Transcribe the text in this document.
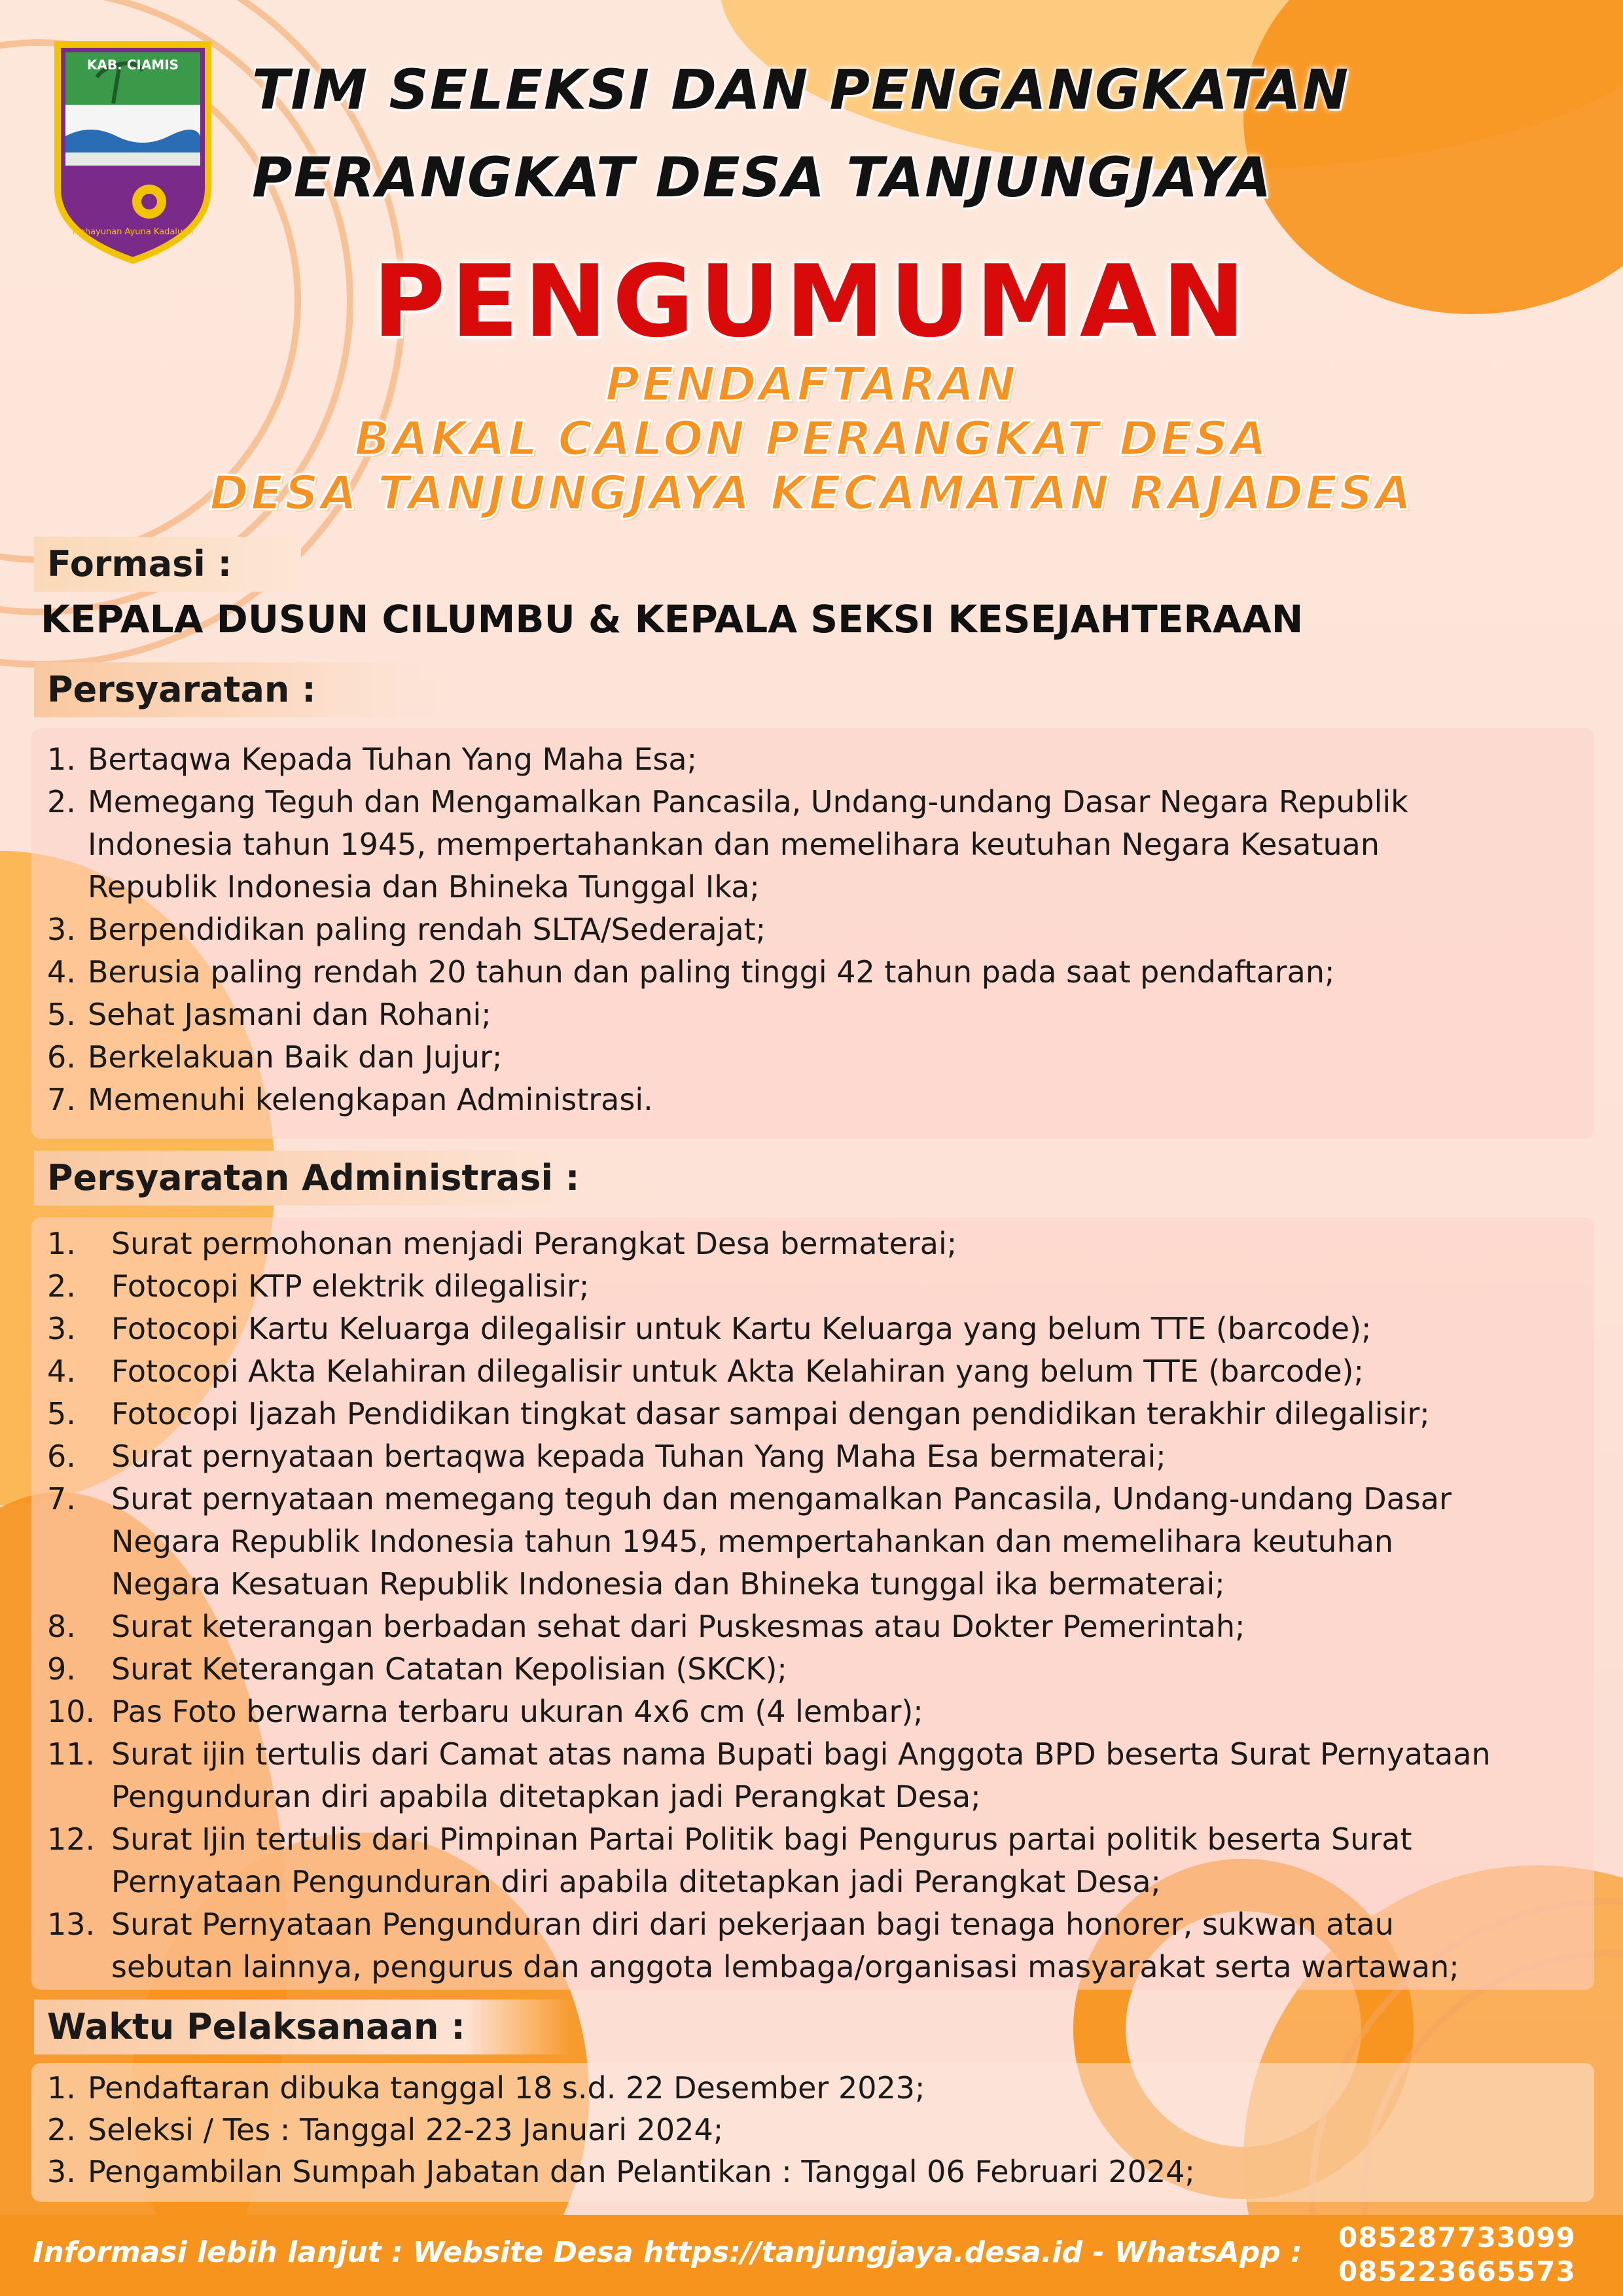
KAB. CIAMIS
Mahayunan Ayuna Kadaluan
TIM SELEKSI DAN PENGANGKATAN
PERANGKAT DESA TANJUNGJAYA
PENGUMUMAN
PENDAFTARAN
BAKAL CALON PERANGKAT DESA
DESA TANJUNGJAYA KECAMATAN RAJADESA
Formasi :
KEPALA DUSUN CILUMBU & KEPALA SEKSI KESEJAHTERAAN
Persyaratan :
1. Bertaqwa Kepada Tuhan Yang Maha Esa;
2. Memegang Teguh dan Mengamalkan Pancasila, Undang-undang Dasar Negara Republik
Indonesia tahun 1945, mempertahankan dan memelihara keutuhan Negara Kesatuan
Republik Indonesia dan Bhineka Tunggal Ika;
3. Berpendidikan paling rendah SLTA/Sederajat;
4. Berusia paling rendah 20 tahun dan paling tinggi 42 tahun pada saat pendaftaran;
5. Sehat Jasmani dan Rohani;
6. Berkelakuan Baik dan Jujur;
7. Memenuhi kelengkapan Administrasi.
Persyaratan Administrasi :
1. Surat permohonan menjadi Perangkat Desa bermaterai;
2. Fotocopi KTP elektrik dilegalisir;
3. Fotocopi Kartu Keluarga dilegalisir untuk Kartu Keluarga yang belum TTE (barcode);
4. Fotocopi Akta Kelahiran dilegalisir untuk Akta Kelahiran yang belum TTE (barcode);
5. Fotocopi Ijazah Pendidikan tingkat dasar sampai dengan pendidikan terakhir dilegalisir;
6. Surat pernyataan bertaqwa kepada Tuhan Yang Maha Esa bermaterai;
7. Surat pernyataan memegang teguh dan mengamalkan Pancasila, Undang-undang Dasar
Negara Republik Indonesia tahun 1945, mempertahankan dan memelihara keutuhan
Negara Kesatuan Republik Indonesia dan Bhineka tunggal ika bermaterai;
8. Surat keterangan berbadan sehat dari Puskesmas atau Dokter Pemerintah;
9. Surat Keterangan Catatan Kepolisian (SKCK);
10. Pas Foto berwarna terbaru ukuran 4x6 cm (4 lembar);
11. Surat ijin tertulis dari Camat atas nama Bupati bagi Anggota BPD beserta Surat Pernyataan
Pengunduran diri apabila ditetapkan jadi Perangkat Desa;
12. Surat Ijin tertulis dari Pimpinan Partai Politik bagi Pengurus partai politik beserta Surat
Pernyataan Pengunduran diri apabila ditetapkan jadi Perangkat Desa;
13. Surat Pernyataan Pengunduran diri dari pekerjaan bagi tenaga honorer, sukwan atau
sebutan lainnya, pengurus dan anggota lembaga/organisasi masyarakat serta wartawan;
Waktu Pelaksanaan :
1. Pendaftaran dibuka tanggal 18 s.d. 22 Desember 2023;
2. Seleksi / Tes : Tanggal 22-23 Januari 2024;
3. Pengambilan Sumpah Jabatan dan Pelantikan : Tanggal 06 Februari 2024;
Informasi lebih lanjut : Website Desa https://tanjungjaya.desa.id - WhatsApp : 085287733099
085223665573
